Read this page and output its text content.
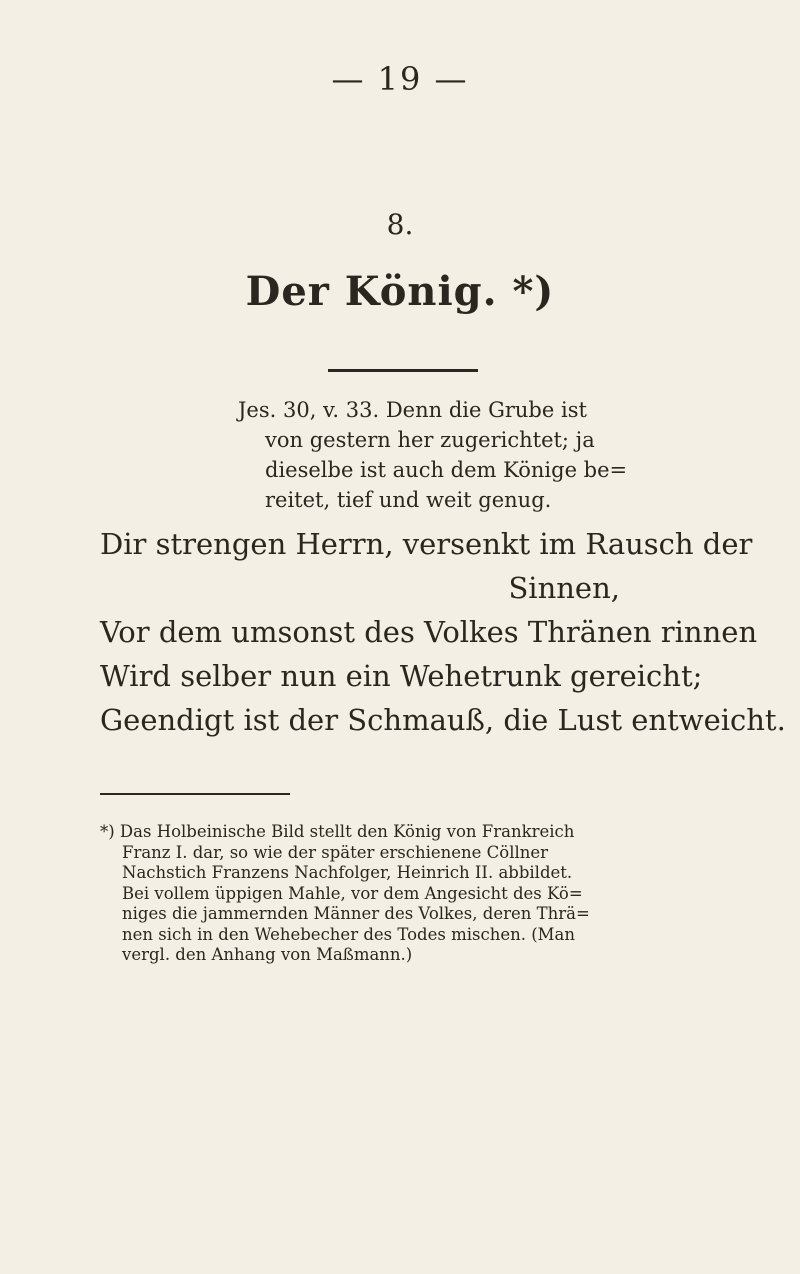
— 19 —
8.
Der König. *)
Jes. 30, v. 33. Denn die Grube ist
von gestern her zugerichtet; ja
dieselbe ist auch dem Könige be=
reitet, tief und weit genug.
Dir strengen Herrn, versenkt im Rausch der
Sinnen,
Vor dem umsonst des Volkes Thränen rinnen
Wird selber nun ein Wehetrunk gereicht;
Geendigt ist der Schmauß, die Lust entweicht.
*) Das Holbeinische Bild stellt den König von Frankreich
Franz I. dar, so wie der später erschienene Cöllner
Nachstich Franzens Nachfolger, Heinrich II. abbildet.
Bei vollem üppigen Mahle, vor dem Angesicht des Kö=
niges die jammernden Männer des Volkes, deren Thrä=
nen sich in den Wehebecher des Todes mischen. (Man
vergl. den Anhang von Maßmann.)
